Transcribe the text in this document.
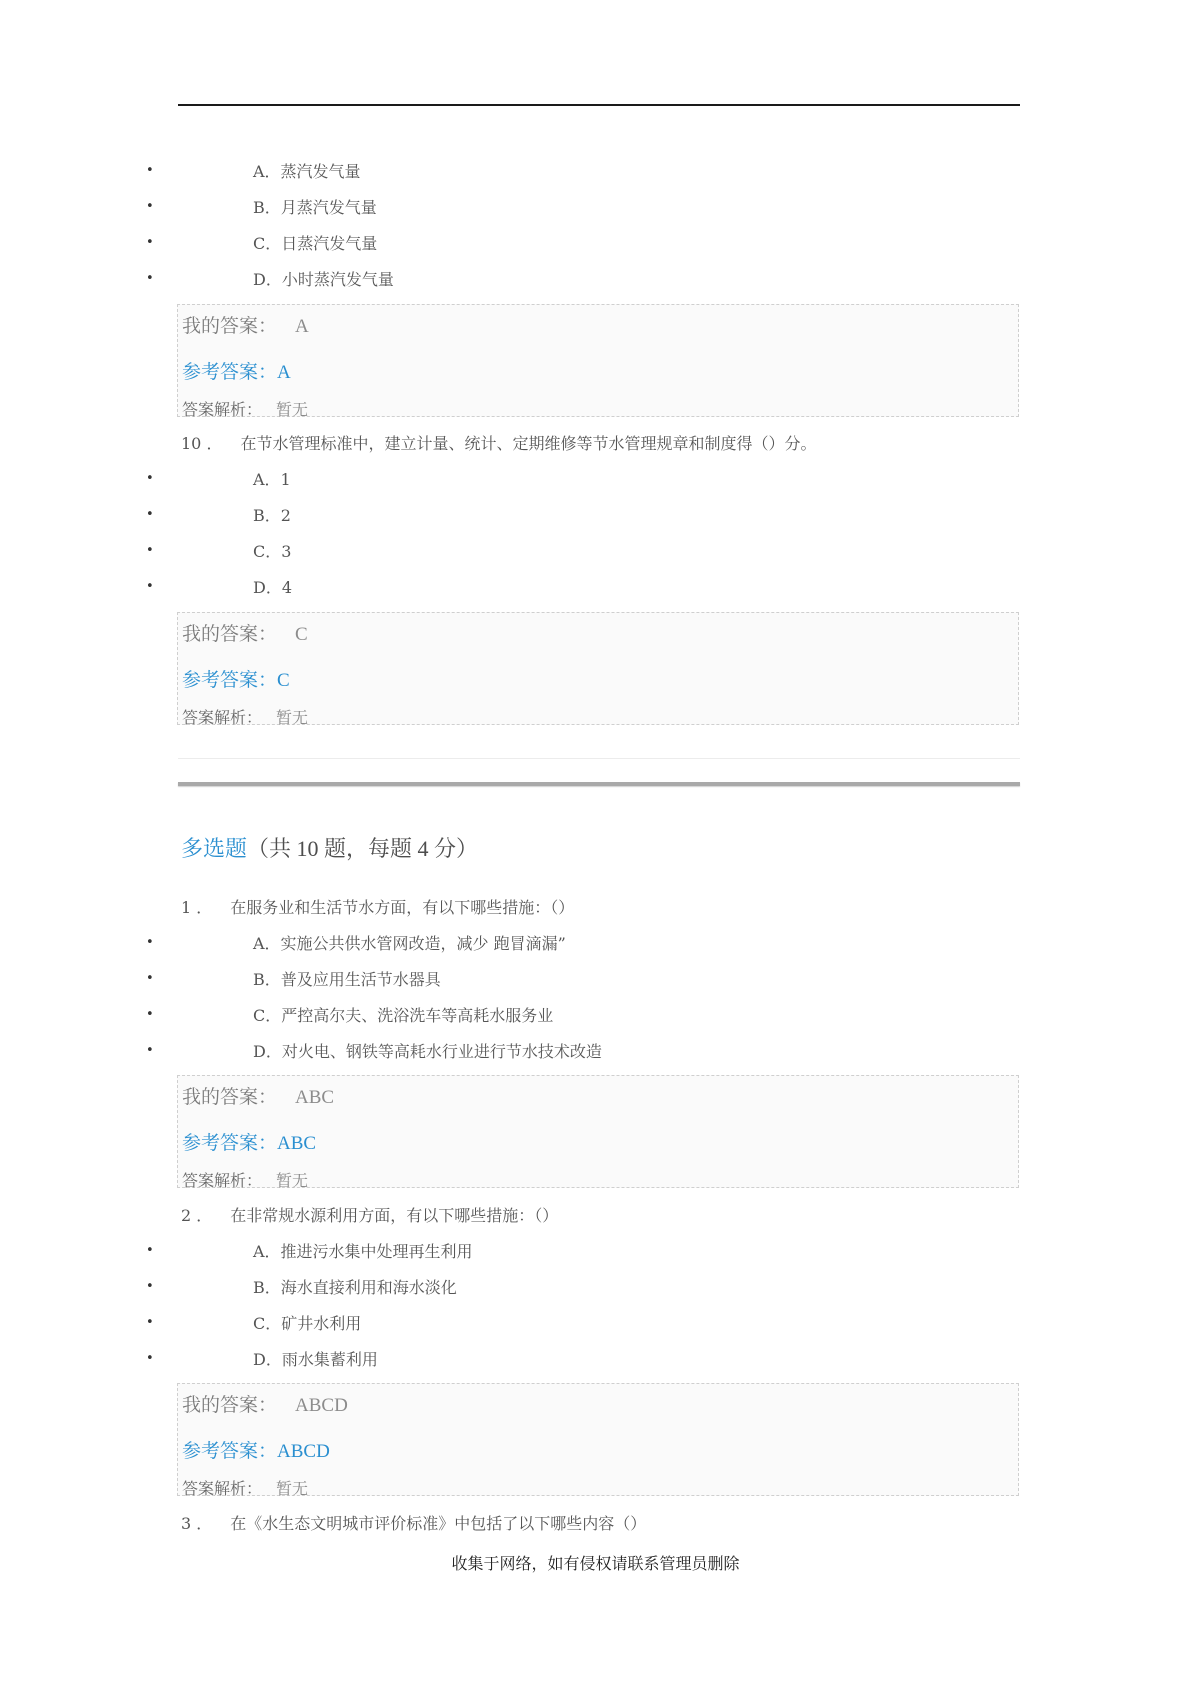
•	A．蒸汽发气量
•	B．月蒸汽发气量
•	C．日蒸汽发气量
•	D．小时蒸汽发气量
我的答案： A
参考答案：A
答案解析： 暂无
10 ． 在节水管理标准中，建立计量、统计、定期维修等节水管理规章和制度得（）分。
•	A．1
•	B．2
•	C．3
•	D．4
我的答案： C
参考答案：C
答案解析： 暂无
多选题（共 10 题，每题 4 分）
1 ． 在服务业和生活节水方面，有以下哪些措施：（）
•	A．实施公共供水管网改造，减少 跑冒滴漏”
•	B．普及应用生活节水器具
•	C．严控高尔夫、洗浴洗车等高耗水服务业
•	D．对火电、钢铁等高耗水行业进行节水技术改造
我的答案： ABC
参考答案：ABC
答案解析： 暂无
2 ． 在非常规水源利用方面，有以下哪些措施：（）
•	A．推进污水集中处理再生利用
•	B．海水直接利用和海水淡化
•	C．矿井水利用
•	D．雨水集蓄利用
我的答案： ABCD
参考答案：ABCD
答案解析： 暂无
3 ． 在《水生态文明城市评价标准》中包括了以下哪些内容（）
收集于网络，如有侵权请联系管理员删除
